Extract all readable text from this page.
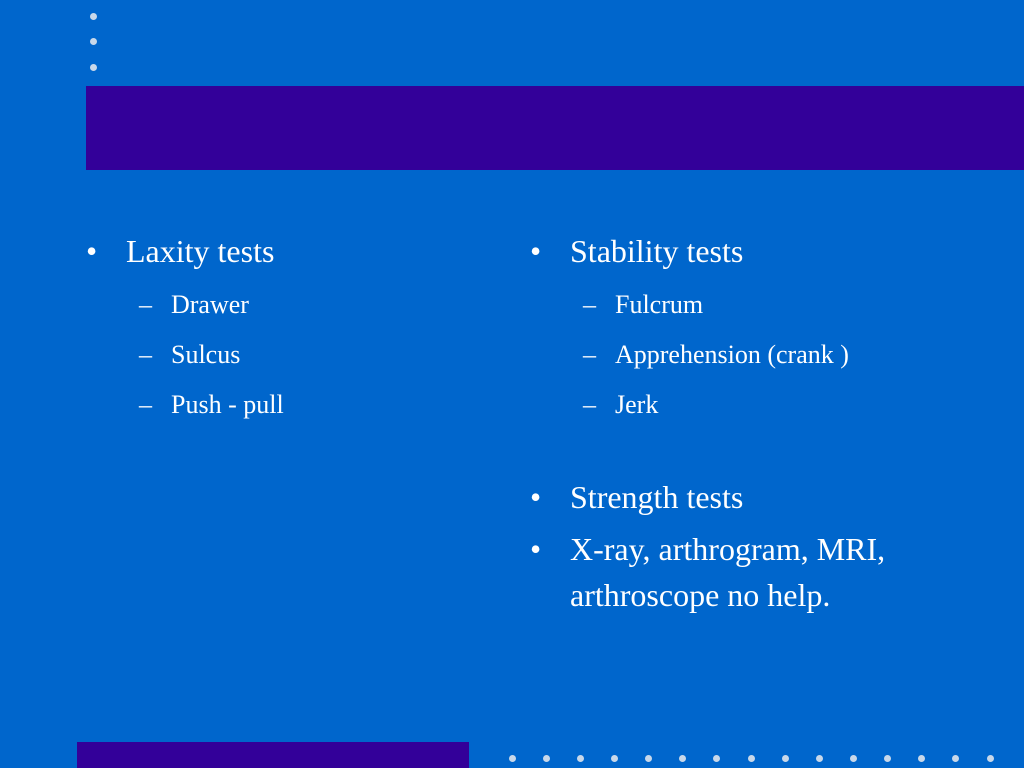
• Laxity tests
– Drawer
– Sulcus
– Push - pull
• Stability tests
– Fulcrum
– Apprehension (crank )
– Jerk
• Strength tests
• X-ray, arthrogram, MRI, arthroscope no help.
